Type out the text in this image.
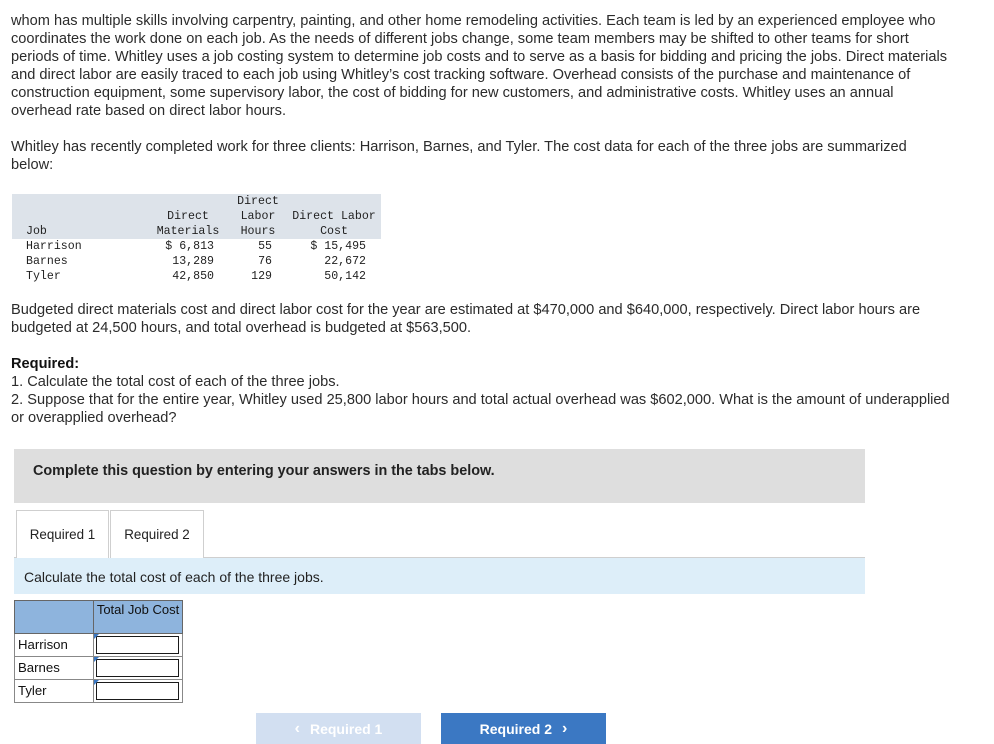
whom has multiple skills involving carpentry, painting, and other home remodeling activities. Each team is led by an experienced employee who coordinates the work done on each job. As the needs of different jobs change, some team members may be shifted to other teams for short periods of time. Whitley uses a job costing system to determine job costs and to serve as a basis for bidding and pricing the jobs. Direct materials and direct labor are easily traced to each job using Whitley’s cost tracking software. Overhead consists of the purchase and maintenance of construction equipment, some supervisory labor, the cost of bidding for new customers, and administrative costs. Whitley uses an annual overhead rate based on direct labor hours.
Whitley has recently completed work for three clients: Harrison, Barnes, and Tyler. The cost data for each of the three jobs are summarized below:
Direct
Direct	Labor	Direct Labor
Job	Materials	Hours	Cost
Harrison	$ 6,813	55	$ 15,495
Barnes	13,289	76	22,672
Tyler	42,850	129	50,142
Budgeted direct materials cost and direct labor cost for the year are estimated at $470,000 and $640,000, respectively. Direct labor hours are budgeted at 24,500 hours, and total overhead is budgeted at $563,500.
Required:
1. Calculate the total cost of each of the three jobs.
2. Suppose that for the entire year, Whitley used 25,800 labor hours and total actual overhead was $602,000. What is the amount of underapplied or overapplied overhead?
Complete this question by entering your answers in the tabs below.
Required 1 Required 2
Calculate the total cost of each of the three jobs.
Total Job Cost
Harrison
Barnes
Tyler
‹ Required 1	Required 2 ›
